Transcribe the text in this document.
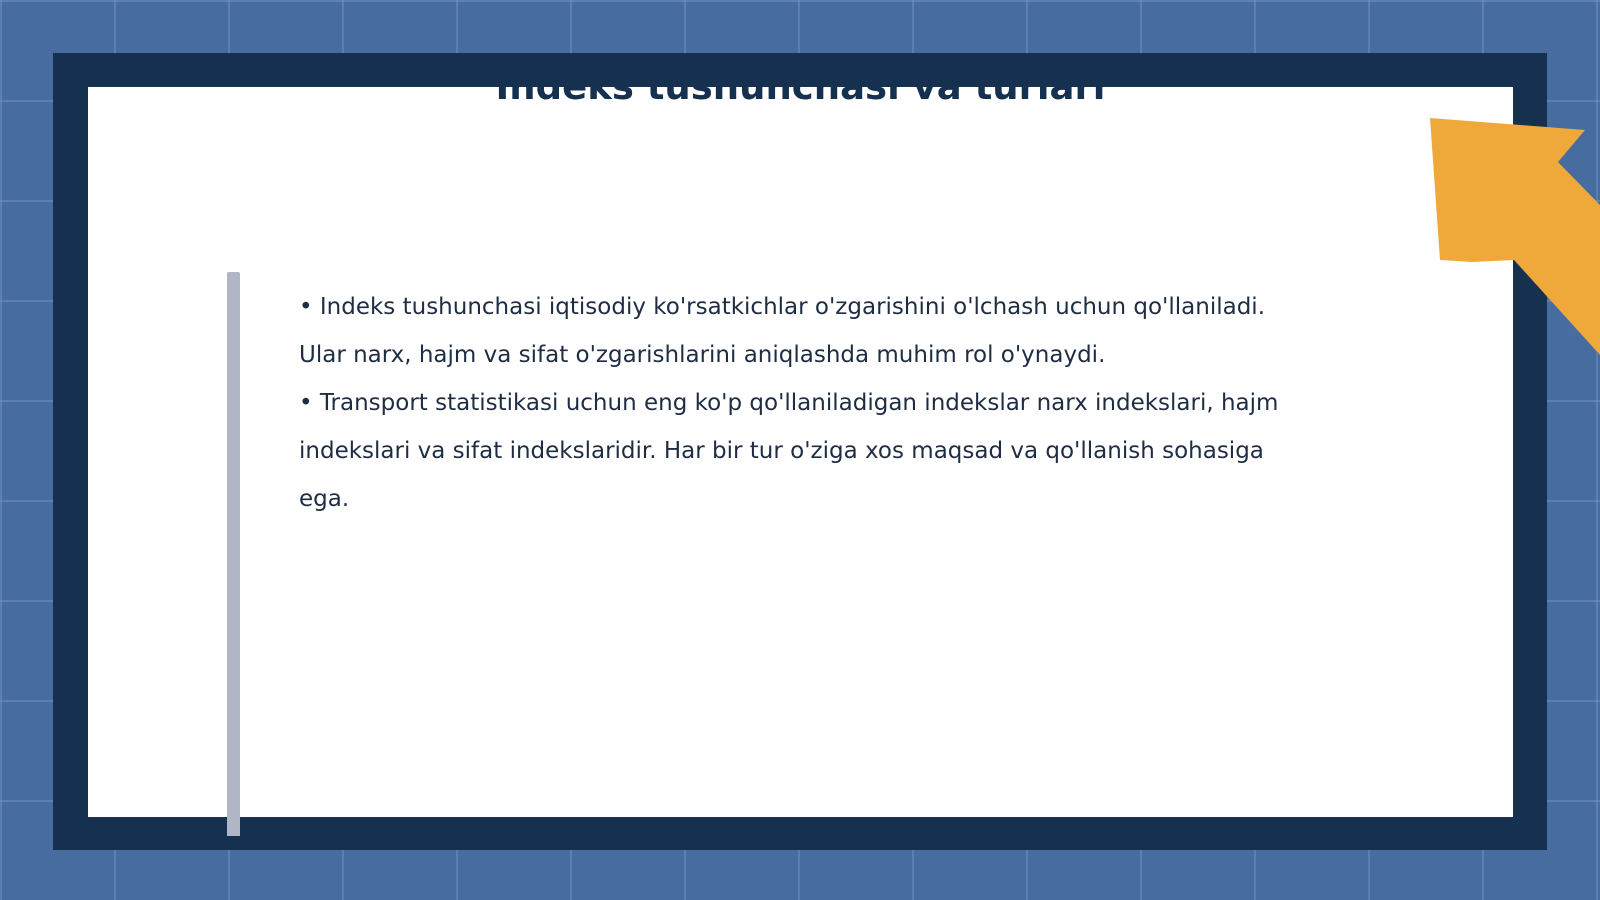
Indeks tushunchasi va turlari

• Indeks tushunchasi iqtisodiy ko'rsatkichlar o'zgarishini o'lchash uchun qo'llaniladi. Ular narx, hajm va sifat o'zgarishlarini aniqlashda muhim rol o'ynaydi.

• Transport statistikasi uchun eng ko'p qo'llaniladigan indekslar narx indekslari, hajm indekslari va sifat indekslaridir. Har bir tur o'ziga xos maqsad va qo'llanish sohasiga ega.
